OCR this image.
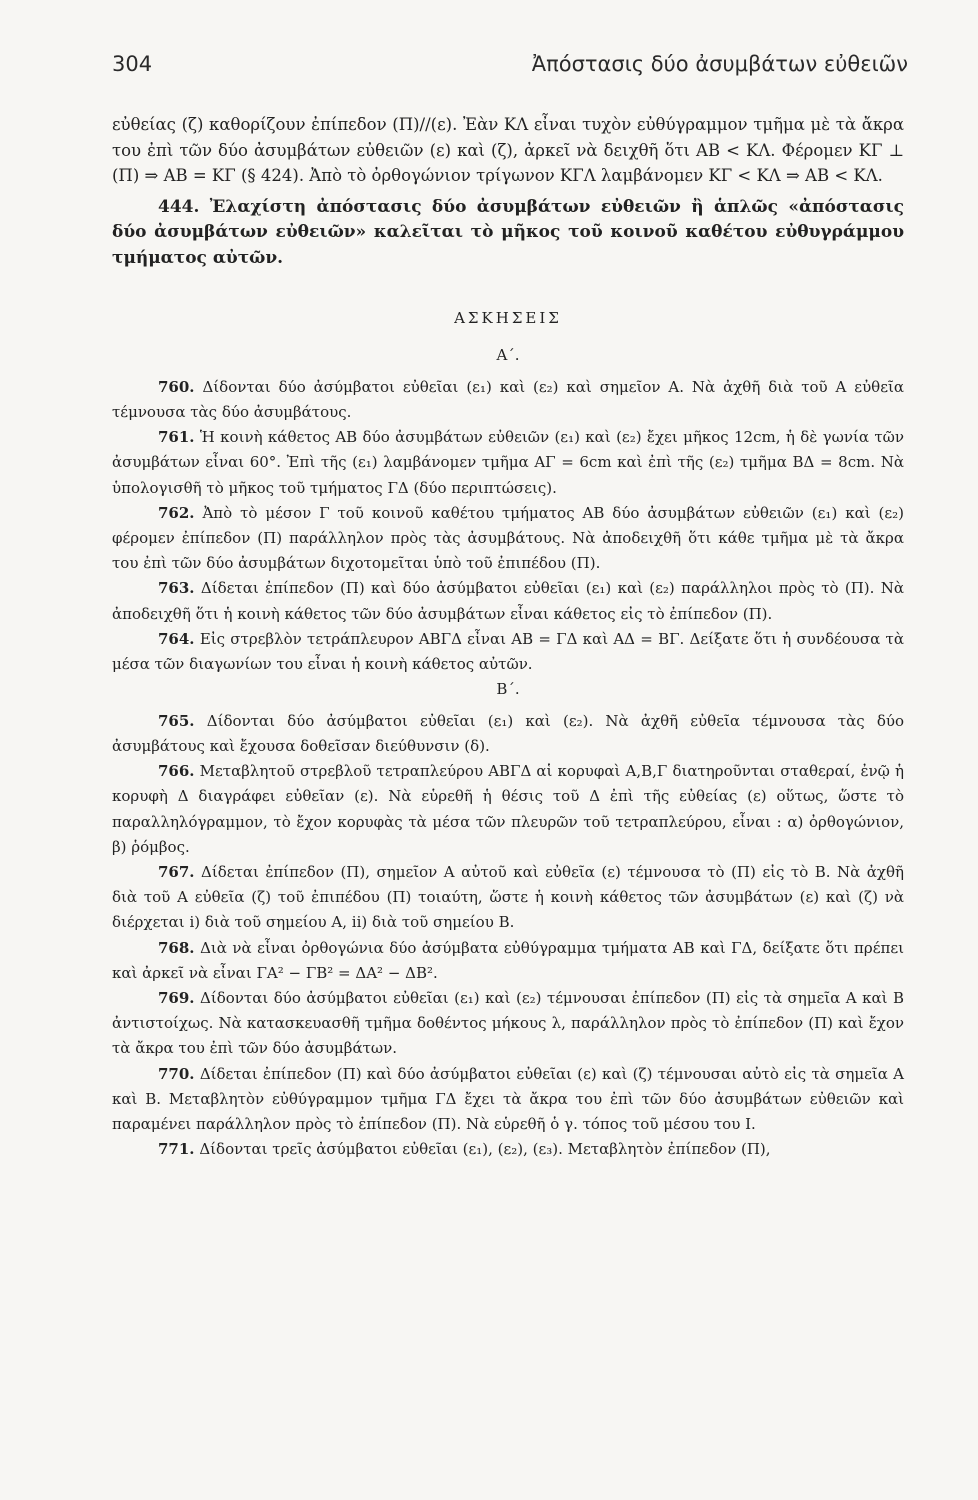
304	Ἀπόστασις δύο ἀσυμβάτων εὐθειῶν

εὐθείας (ζ) καθορίζουν ἐπίπεδον (Π)//(ε). Ἐὰν ΚΛ εἶναι τυχὸν εὐθύγραμμον τμῆμα μὲ τὰ ἄκρα του ἐπὶ τῶν δύο ἀσυμβάτων εὐθειῶν (ε) καὶ (ζ), ἀρκεῖ νὰ δειχθῆ ὅτι ΑΒ < ΚΛ. Φέρομεν ΚΓ ⊥ (Π) ⇒ ΑΒ = ΚΓ (§ 424). Ἀπὸ τὸ ὀρθογώνιον τρίγωνον ΚΓΛ λαμβάνομεν ΚΓ < ΚΛ ⇒ ΑΒ < ΚΛ.

444. Ἐλαχίστη ἀπόστασις δύο ἀσυμβάτων εὐθειῶν ἢ ἁπλῶς «ἀπόστασις δύο ἀσυμβάτων εὐθειῶν» καλεῖται τὸ μῆκος τοῦ κοινοῦ καθέτου εὐθυγράμμου τμήματος αὐτῶν.

ΑΣΚΗΣΕΙΣ

Α΄.

760. Δίδονται δύο ἀσύμβατοι εὐθεῖαι (ε₁) καὶ (ε₂) καὶ σημεῖον Α. Νὰ ἀχθῆ διὰ τοῦ Α εὐθεῖα τέμνουσα τὰς δύο ἀσυμβάτους.

761. Ἡ κοινὴ κάθετος ΑΒ δύο ἀσυμβάτων εὐθειῶν (ε₁) καὶ (ε₂) ἔχει μῆκος 12cm, ἡ δὲ γωνία τῶν ἀσυμβάτων εἶναι 60°. Ἐπὶ τῆς (ε₁) λαμβάνομεν τμῆμα ΑΓ = 6cm καὶ ἐπὶ τῆς (ε₂) τμῆμα ΒΔ = 8cm. Νὰ ὑπολογισθῆ τὸ μῆκος τοῦ τμήματος ΓΔ (δύο περιπτώσεις).

762. Ἀπὸ τὸ μέσον Γ τοῦ κοινοῦ καθέτου τμήματος ΑΒ δύο ἀσυμβάτων εὐθειῶν (ε₁) καὶ (ε₂) φέρομεν ἐπίπεδον (Π) παράλληλον πρὸς τὰς ἀσυμβάτους. Νὰ ἀποδειχθῆ ὅτι κάθε τμῆμα μὲ τὰ ἄκρα του ἐπὶ τῶν δύο ἀσυμβάτων διχοτομεῖται ὑπὸ τοῦ ἐπιπέδου (Π).

763. Δίδεται ἐπίπεδον (Π) καὶ δύο ἀσύμβατοι εὐθεῖαι (ε₁) καὶ (ε₂) παράλληλοι πρὸς τὸ (Π). Νὰ ἀποδειχθῆ ὅτι ἡ κοινὴ κάθετος τῶν δύο ἀσυμβάτων εἶναι κάθετος εἰς τὸ ἐπίπεδον (Π).

764. Εἰς στρεβλὸν τετράπλευρον ΑΒΓΔ εἶναι ΑΒ = ΓΔ καὶ ΑΔ = ΒΓ. Δείξατε ὅτι ἡ συνδέουσα τὰ μέσα τῶν διαγωνίων του εἶναι ἡ κοινὴ κάθετος αὐτῶν.

Β΄.

765. Δίδονται δύο ἀσύμβατοι εὐθεῖαι (ε₁) καὶ (ε₂). Νὰ ἀχθῆ εὐθεῖα τέμνουσα τὰς δύο ἀσυμβάτους καὶ ἔχουσα δοθεῖσαν διεύθυνσιν (δ).

766. Μεταβλητοῦ στρεβλοῦ τετραπλεύρου ΑΒΓΔ αἱ κορυφαὶ Α,Β,Γ διατηροῦνται σταθεραί, ἐνῷ ἡ κορυφὴ Δ διαγράφει εὐθεῖαν (ε). Νὰ εὑρεθῆ ἡ θέσις τοῦ Δ ἐπὶ τῆς εὐθείας (ε) οὕτως, ὥστε τὸ παραλληλόγραμμον, τὸ ἔχον κορυφὰς τὰ μέσα τῶν πλευρῶν τοῦ τετραπλεύρου, εἶναι : α) ὀρθογώνιον, β) ῥόμβος.

767. Δίδεται ἐπίπεδον (Π), σημεῖον Α αὐτοῦ καὶ εὐθεῖα (ε) τέμνουσα τὸ (Π) εἰς τὸ Β. Νὰ ἀχθῆ διὰ τοῦ Α εὐθεῖα (ζ) τοῦ ἐπιπέδου (Π) τοιαύτη, ὥστε ἡ κοινὴ κάθετος τῶν ἀσυμβάτων (ε) καὶ (ζ) νὰ διέρχεται i) διὰ τοῦ σημείου Α, ii) διὰ τοῦ σημείου Β.

768. Διὰ νὰ εἶναι ὀρθογώνια δύο ἀσύμβατα εὐθύγραμμα τμήματα ΑΒ καὶ ΓΔ, δείξατε ὅτι πρέπει καὶ ἀρκεῖ νὰ εἶναι ΓΑ² − ΓΒ² = ΔΑ² − ΔΒ².

769. Δίδονται δύο ἀσύμβατοι εὐθεῖαι (ε₁) καὶ (ε₂) τέμνουσαι ἐπίπεδον (Π) εἰς τὰ σημεῖα Α καὶ Β ἀντιστοίχως. Νὰ κατασκευασθῆ τμῆμα δοθέντος μήκους λ, παράλληλον πρὸς τὸ ἐπίπεδον (Π) καὶ ἔχον τὰ ἄκρα του ἐπὶ τῶν δύο ἀσυμβάτων.

770. Δίδεται ἐπίπεδον (Π) καὶ δύο ἀσύμβατοι εὐθεῖαι (ε) καὶ (ζ) τέμνουσαι αὐτὸ εἰς τὰ σημεῖα Α καὶ Β. Μεταβλητὸν εὐθύγραμμον τμῆμα ΓΔ ἔχει τὰ ἄκρα του ἐπὶ τῶν δύο ἀσυμβάτων εὐθειῶν καὶ παραμένει παράλληλον πρὸς τὸ ἐπίπεδον (Π). Νὰ εὑρεθῆ ὁ γ. τόπος τοῦ μέσου του Ι.

771. Δίδονται τρεῖς ἀσύμβατοι εὐθεῖαι (ε₁), (ε₂), (ε₃). Μεταβλητὸν ἐπίπεδον (Π),
